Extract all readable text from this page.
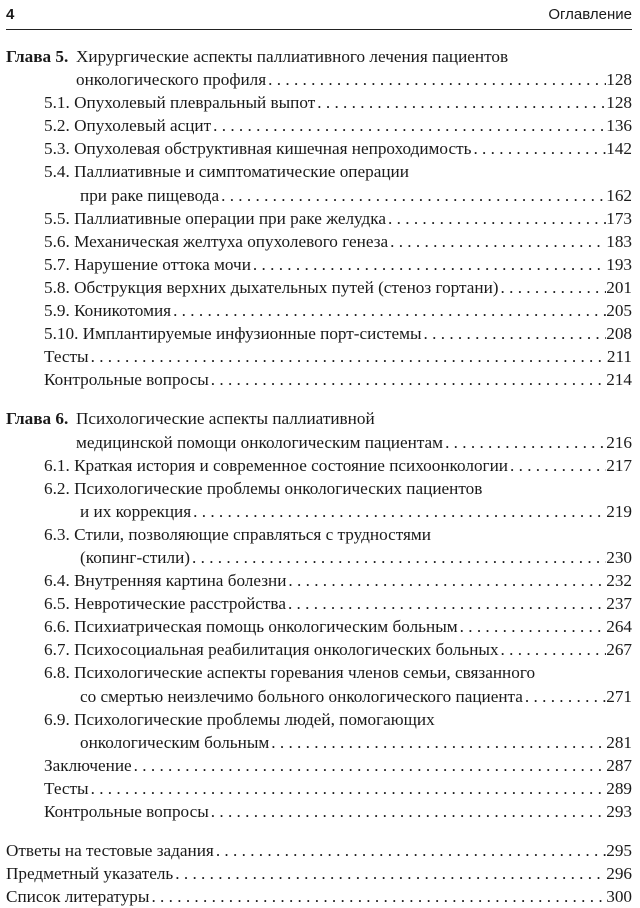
4	Оглавление
Глава 5. Хирургические аспекты паллиативного лечения пациентов
онкологического профиля . . .	128
5.1. Опухолевый плевральный выпот . . .	128
5.2. Опухолевый асцит . . .	136
5.3. Опухолевая обструктивная кишечная непроходимость . . .	142
5.4.
Паллиативные и симптоматические операции
при раке пищевода . . .	162
5.5. Паллиативные операции при раке желудка . . .	173
5.6. Механическая желтуха опухолевого генеза . . .	183
5.7. Нарушение оттока мочи . . .	193
5.8. Обструкция верхних дыхательных путей (стеноз гортани) . . .	201
5.9. Коникотомия . . .	205
5.10. Имплантируемые инфузионные порт-системы . . .	208
Тесты . . .	211
Контрольные вопросы . . .	214
Глава 6. Психологические аспекты паллиативной
медицинской помощи онкологическим пациентам . . .	216
6.1. Краткая история и современное состояние психоонкологии . . .	217
6.2.
Психологические проблемы онкологических пациентов
и их коррекция . . .	219
6.3.
Стили, позволяющие справляться с трудностями
(копинг-стили) . . .	230
6.4. Внутренняя картина болезни . . .	232
6.5. Невротические расстройства . . .	237
6.6. Психиатрическая помощь онкологическим больным . . .	264
6.7. Психосоциальная реабилитация онкологических больных . . .	267
6.8.
Психологические аспекты горевания членов семьи, связанного
со смертью неизлечимо больного онкологического пациента . . .	271
6.9.
Психологические проблемы людей, помогающих
онкологическим больным . . .	281
Заключение . . .	287
Тесты . . .	289
Контрольные вопросы . . .	293
Ответы на тестовые задания . . .	295
Предметный указатель . . .	296
Список литературы . . .	300
